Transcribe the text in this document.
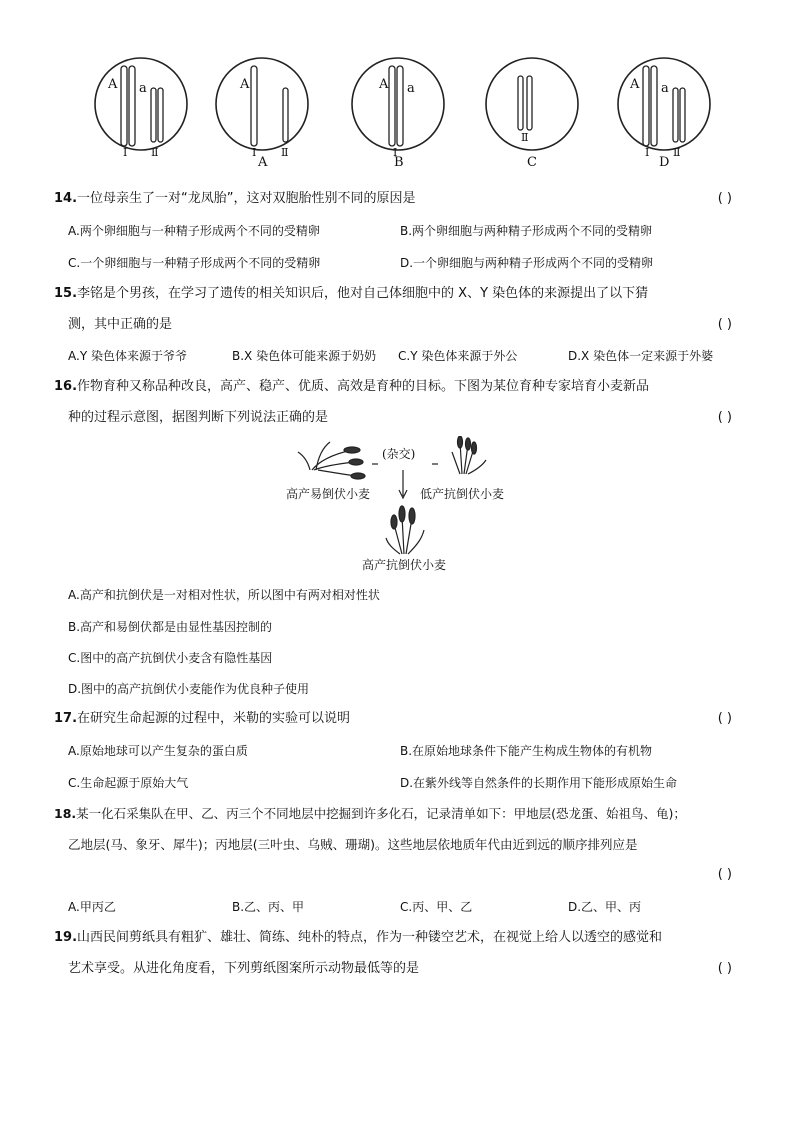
A a
Ⅰ Ⅱ
A
Ⅰ Ⅱ
A a
Ⅰ
Ⅱ
A a
Ⅰ Ⅱ
A	B	C	D
14.一位母亲生了一对“龙凤胎”，这对双胞胎性别不同的原因是	( )
A.两个卵细胞与一种精子形成两个不同的受精卵	B.两个卵细胞与两种精子形成两个不同的受精卵
C.一个卵细胞与一种精子形成两个不同的受精卵	D.一个卵细胞与两种精子形成两个不同的受精卵
15.李铭是个男孩，在学习了遗传的相关知识后，他对自己体细胞中的 X、Y 染色体的来源提出了以下猜
测，其中正确的是	( )
A.Y 染色体来源于爷爷	B.X 染色体可能来源于奶奶 C.Y 染色体来源于外公	D.X 染色体一定来源于外婆
16.作物育种又称品种改良，高产、稳产、优质、高效是育种的目标。下图为某位育种专家培育小麦新品
种的过程示意图，据图判断下列说法正确的是	( )
(杂交)
高产易倒伏小麦	低产抗倒伏小麦
高产抗倒伏小麦
A.高产和抗倒伏是一对相对性状，所以图中有两对相对性状
B.高产和易倒伏都是由显性基因控制的
C.图中的高产抗倒伏小麦含有隐性基因
D.图中的高产抗倒伏小麦能作为优良种子使用
17.在研究生命起源的过程中，米勒的实验可以说明	( )
A.原始地球可以产生复杂的蛋白质	B.在原始地球条件下能产生构成生物体的有机物
C.生命起源于原始大气	D.在紫外线等自然条件的长期作用下能形成原始生命
18.某一化石采集队在甲、乙、丙三个不同地层中挖掘到许多化石，记录清单如下：甲地层(恐龙蛋、始祖鸟、龟)；
乙地层(马、象牙、犀牛)；丙地层(三叶虫、乌贼、珊瑚)。这些地层依地质年代由近到远的顺序排列应是
( )
A.甲丙乙	B.乙、丙、甲	C.丙、甲、乙	D.乙、甲、丙
19.山西民间剪纸具有粗犷、雄壮、简练、纯朴的特点，作为一种镂空艺术，在视觉上给人以透空的感觉和
艺术享受。从进化角度看，下列剪纸图案所示动物最低等的是	( )
